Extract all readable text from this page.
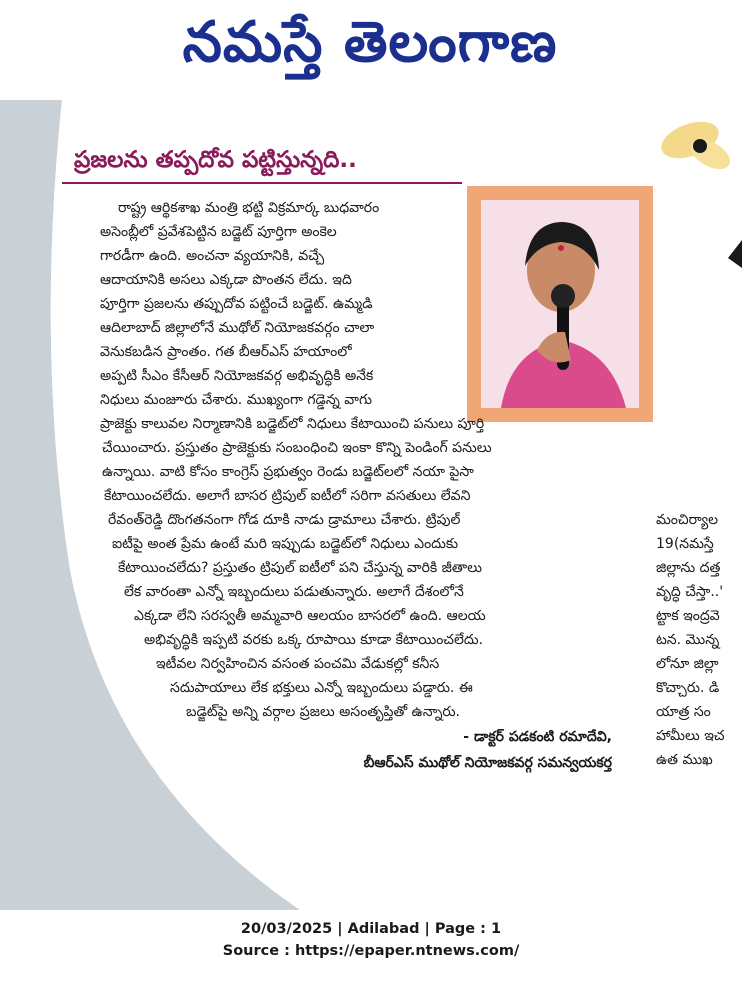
నమస్తే తెలంగాణ
ప్రజలను తప్పదోవ పట్టిస్తున్నది..
రాష్ట్ర ఆర్థికశాఖ మంత్రి భట్టి విక్రమార్క బుధవారం
అసెంబ్లీలో ప్రవేశపెట్టిన బడ్జెట్ పూర్తిగా అంకెల
గారడీగా ఉంది. అంచనా వ్యయానికి, వచ్చే
ఆదాయానికి అసలు ఎక్కడా పొంతన లేదు. ఇది
పూర్తిగా ప్రజలను తప్పుదోవ పట్టించే బడ్జెట్. ఉమ్మడి
ఆదిలాబాద్ జిల్లాలోనే ముథోల్ నియోజకవర్గం చాలా
వెనుకబడిన ప్రాంతం. గత బీఆర్ఎస్ హయాంలో
అప్పటి సీఎం కేసీఆర్ నియోజకవర్గ అభివృద్ధికి అనేక
నిధులు మంజూరు చేశారు. ముఖ్యంగా గడ్డెన్న వాగు
ప్రాజెక్టు కాలువల నిర్మాణానికి బడ్జెట్‌లో నిధులు కేటాయించి పనులు పూర్తి
చేయించారు. ప్రస్తుతం ప్రాజెక్టుకు సంబంధించి ఇంకా కొన్ని పెండింగ్ పనులు
ఉన్నాయి. వాటి కోసం కాంగ్రెస్ ప్రభుత్వం రెండు బడ్జెట్‌లలో నయా పైసా
కేటాయించలేదు. అలాగే బాసర ట్రిపుల్ ఐటీలో సరిగా వసతులు లేవని
రేవంత్‌రెడ్డి దొంగతనంగా గోడ దూకి నాడు డ్రామాలు చేశారు. ట్రిపుల్
ఐటీపై అంత ప్రేమ ఉంటే మరి ఇప్పుడు బడ్జెట్‌లో నిధులు ఎందుకు
కేటాయించలేదు? ప్రస్తుతం ట్రిపుల్ ఐటీలో పని చేస్తున్న వారికి జీతాలు
లేక వారంతా ఎన్నో ఇబ్బందులు పడుతున్నారు. అలాగే దేశంలోనే
ఎక్కడా లేని సరస్వతీ అమ్మవారి ఆలయం బాసరలో ఉంది. ఆలయ
అభివృద్ధికి ఇప్పటి వరకు ఒక్క రూపాయి కూడా కేటాయించలేదు.
ఇటీవల నిర్వహించిన వసంత పంచమి వేడుకల్లో కనీస
సదుపాయాలు లేక భక్తులు ఎన్నో ఇబ్బందులు పడ్డారు. ఈ
బడ్జెట్‌పై అన్ని వర్గాల ప్రజలు అసంతృప్తితో ఉన్నారు.
- డాక్టర్ పడకంటి రమాదేవి,
బీఆర్ఎస్ ముథోల్ నియోజకవర్గ సమన్వయకర్త
మంచిర్యాల
19(నమస్తే
జిల్లాను దత్త
వృద్ధి చేస్తా..'
ట్టాక ఇంద్రవె
టన. మొన్న
లోనూ జిల్లా
కొచ్చారు. డి
యాత్ర సం
హామీలు ఇచ
ఉత ముఖ
20/03/2025 | Adilabad | Page : 1
Source : https://epaper.ntnews.com/
